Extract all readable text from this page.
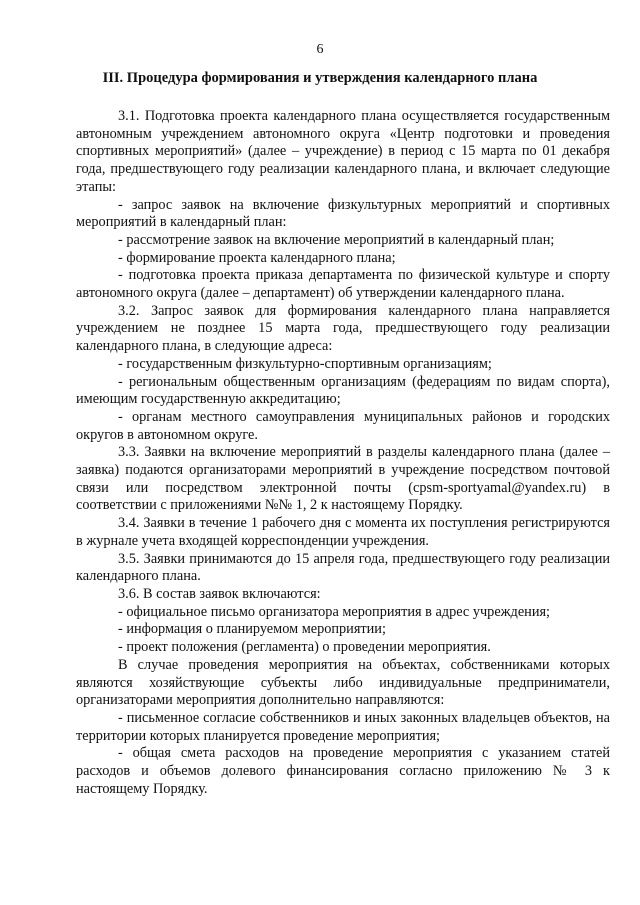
6
III. Процедура формирования и утверждения календарного плана

3.1. Подготовка проекта календарного плана осуществляется государственным автономным учреждением автономного округа «Центр подготовки и проведения спортивных мероприятий» (далее – учреждение) в период с 15 марта по 01 декабря года, предшествующего году реализации календарного плана, и включает следующие этапы:

- запрос заявок на включение физкультурных мероприятий и спортивных мероприятий в календарный план:

- рассмотрение заявок на включение мероприятий в календарный план;

- формирование проекта календарного плана;

- подготовка проекта приказа департамента по физической культуре и спорту автономного округа (далее – департамент) об утверждении календарного плана.

3.2. Запрос заявок для формирования календарного плана направляется учреждением не позднее 15 марта года, предшествующего году реализации календарного плана, в следующие адреса:

- государственным физкультурно-спортивным организациям;

- региональным общественным организациям (федерациям по видам спорта), имеющим государственную аккредитацию;

- органам местного самоуправления муниципальных районов и городских округов в автономном округе.

3.3. Заявки на включение мероприятий в разделы календарного плана (далее – заявка) подаются организаторами мероприятий в учреждение посредством почтовой связи или посредством электронной почты (cpsm-sportyamal@yandex.ru) в соответствии с приложениями №№ 1, 2 к настоящему Порядку.

3.4. Заявки в течение 1 рабочего дня с момента их поступления регистрируются в журнале учета входящей корреспонденции учреждения.

3.5. Заявки принимаются до 15 апреля года, предшествующего году реализации календарного плана.

3.6. В состав заявок включаются:

- официальное письмо организатора мероприятия в адрес учреждения;

- информация о планируемом мероприятии;

- проект положения (регламента) о проведении мероприятия.

В случае проведения мероприятия на объектах, собственниками которых являются хозяйствующие субъекты либо индивидуальные предприниматели, организаторами мероприятия дополнительно направляются:

- письменное согласие собственников и иных законных владельцев объектов, на территории которых планируется проведение мероприятия;

- общая смета расходов на проведение мероприятия с указанием статей расходов и объемов долевого финансирования согласно приложению № 3 к настоящему Порядку.
